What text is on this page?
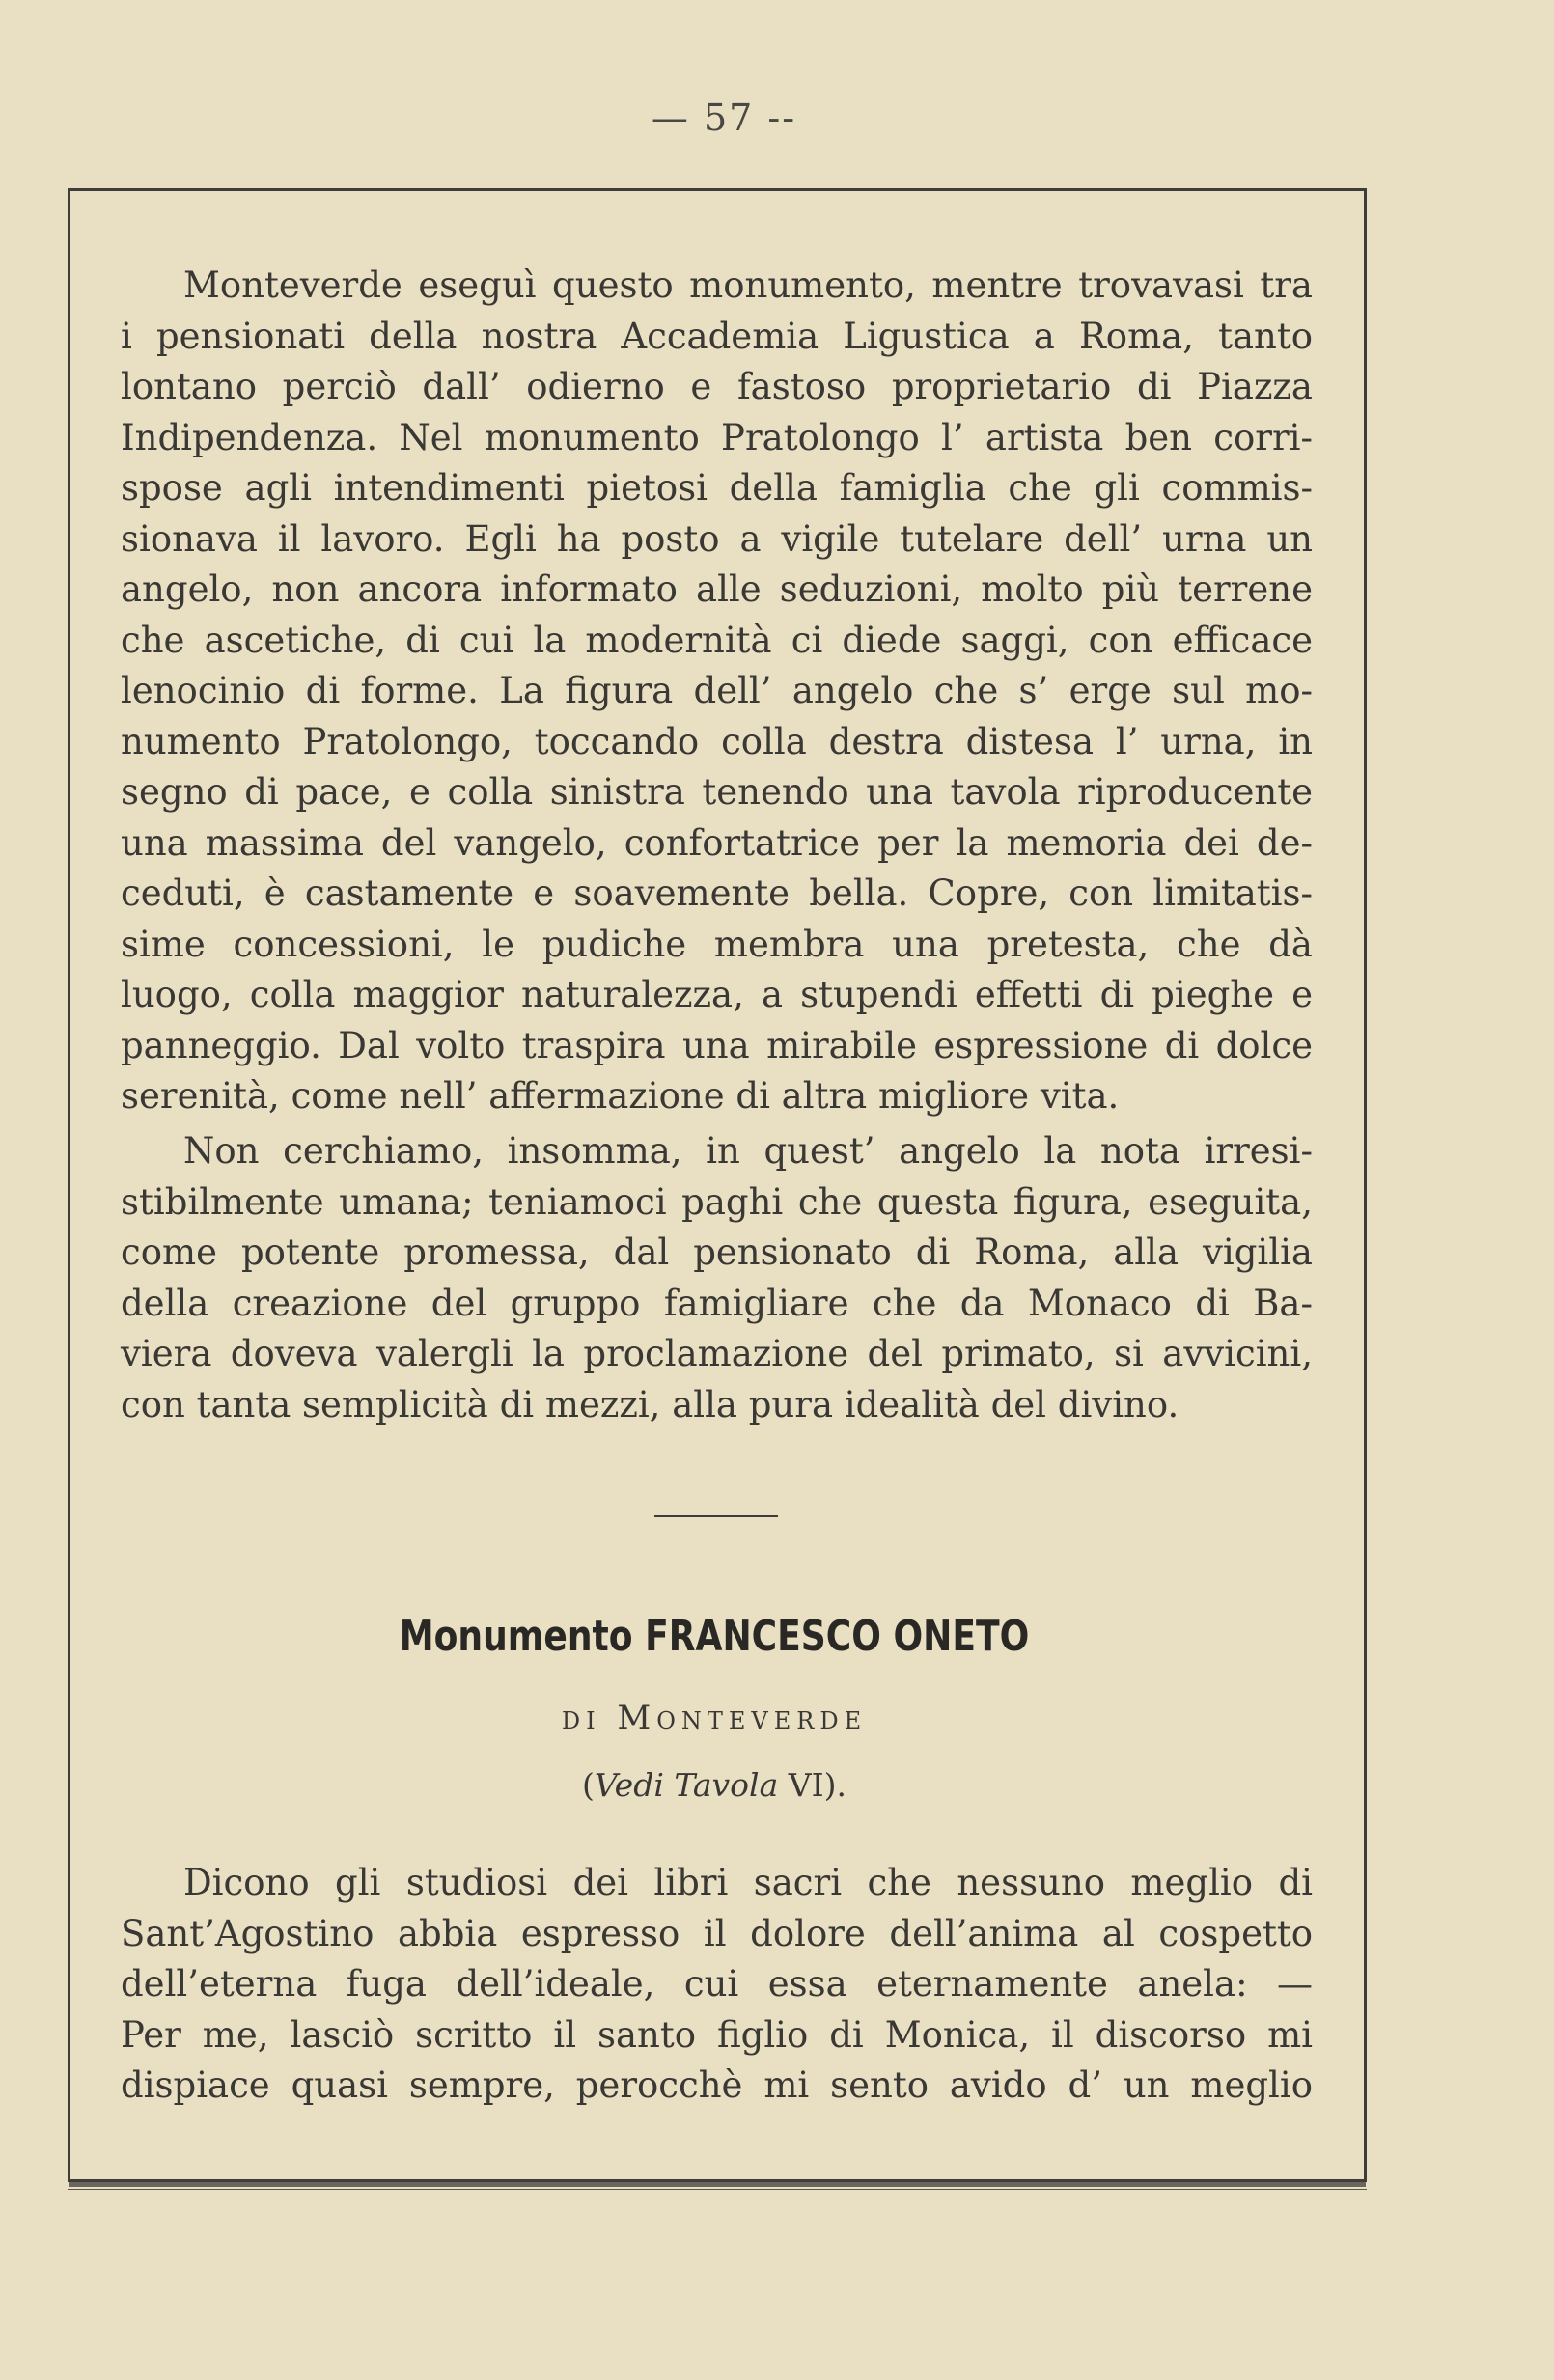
— 57 --
Monteverde eseguì questo monumento, mentre trovavasi tra
i pensionati della nostra Accademia Ligustica a Roma, tanto
lontano perciò dall’ odierno e fastoso proprietario di Piazza
Indipendenza. Nel monumento Pratolongo l’ artista ben corri-
spose agli intendimenti pietosi della famiglia che gli commis-
sionava il lavoro. Egli ha posto a vigile tutelare dell’ urna un
angelo, non ancora informato alle seduzioni, molto più terrene
che ascetiche, di cui la modernità ci diede saggi, con efficace
lenocinio di forme. La figura dell’ angelo che s’ erge sul mo-
numento Pratolongo, toccando colla destra distesa l’ urna, in
segno di pace, e colla sinistra tenendo una tavola riproducente
una massima del vangelo, confortatrice per la memoria dei de-
ceduti, è castamente e soavemente bella. Copre, con limitatis-
sime concessioni, le pudiche membra una pretesta, che dà
luogo, colla maggior naturalezza, a stupendi effetti di pieghe e
panneggio. Dal volto traspira una mirabile espressione di dolce
serenità, come nell’ affermazione di altra migliore vita.
Non cerchiamo, insomma, in quest’ angelo la nota irresi-
stibilmente umana; teniamoci paghi che questa figura, eseguita,
come potente promessa, dal pensionato di Roma, alla vigilia
della creazione del gruppo famigliare che da Monaco di Ba-
viera doveva valergli la proclamazione del primato, si avvicini,
con tanta semplicità di mezzi, alla pura idealità del divino.
Monumento FRANCESCO ONETO
di Monteverde
(Vedi Tavola VI).
Dicono gli studiosi dei libri sacri che nessuno meglio di
Sant’Agostino abbia espresso il dolore dell’anima al cospetto
dell’eterna fuga dell’ideale, cui essa eternamente anela: —
Per me, lasciò scritto il santo figlio di Monica, il discorso mi
dispiace quasi sempre, perocchè mi sento avido d’ un meglio
